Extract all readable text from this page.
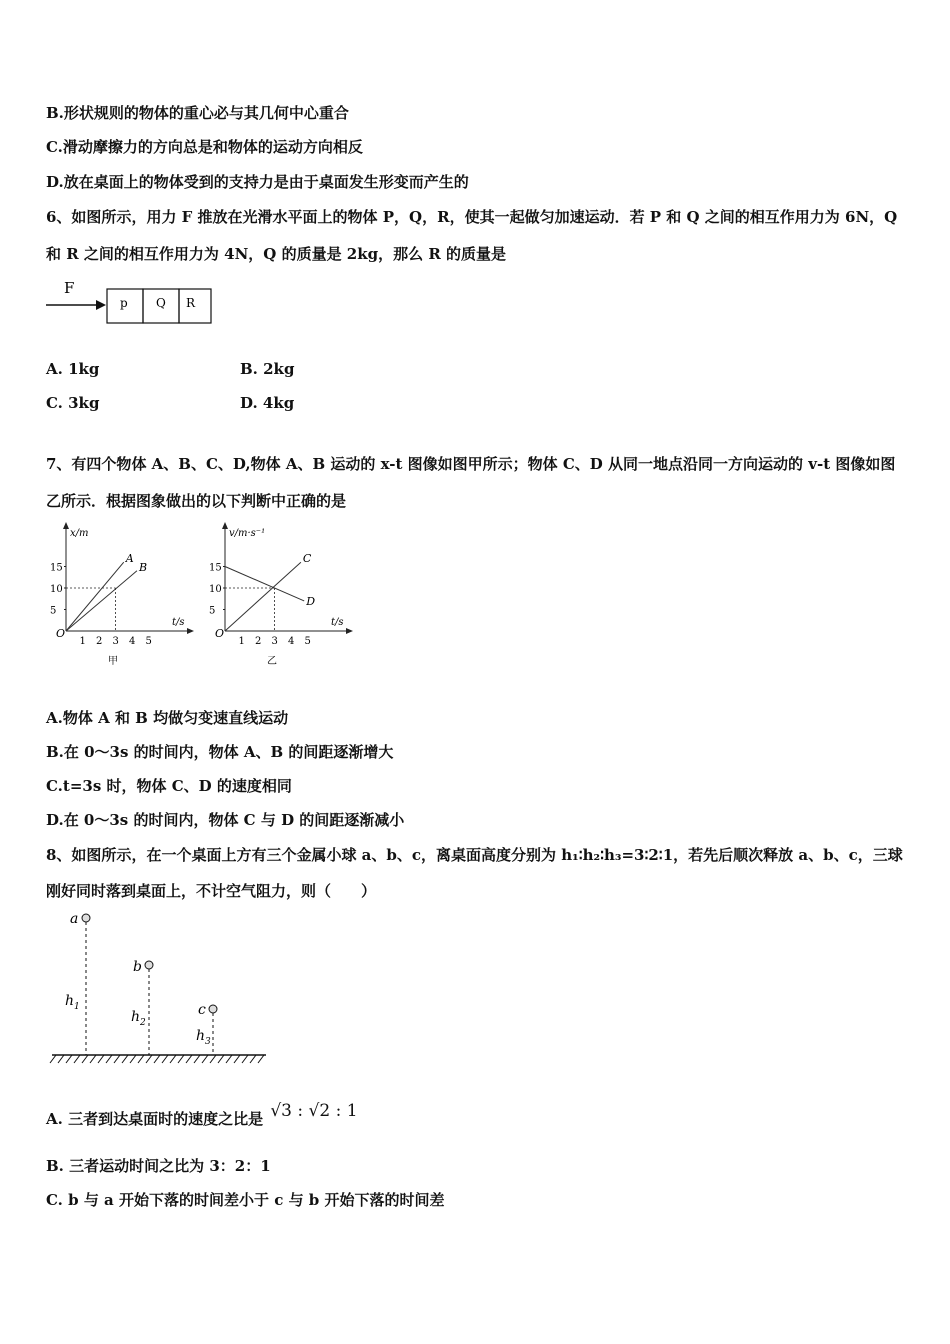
B.形状规则的物体的重心必与其几何中心重合
C.滑动摩擦力的方向总是和物体的运动方向相反
D.放在桌面上的物体受到的支持力是由于桌面发生形变而产生的
6、如图所示，用力 F 推放在光滑水平面上的物体 P，Q，R，使其一起做匀加速运动．若 P 和 Q 之间的相互作用力为 6N，Q
和 R 之间的相互作用力为 4N，Q 的质量是 2kg，那么 R 的质量是
F
p Q R
A. 1kg	B. 2kg
C. 3kg	D. 4kg
7、有四个物体 A、B、C、D,物体 A、B 运动的 x-t 图像如图甲所示；物体 C、D 从同一地点沿同一方向运动的 v-t 图像如图
乙所示．根据图象做出的以下判断中正确的是
x/m
t/s
O
1 2 3 4 5
5
10
15
A
B
甲
v/m·s⁻¹
t/s
O
1 2 3 4 5
5
10
15
C
D
乙
A.物体 A 和 B 均做匀变速直线运动
B.在 0～3s 的时间内，物体 A、B 的间距逐渐增大
C.t=3s 时，物体 C、D 的速度相同
D.在 0～3s 的时间内，物体 C 与 D 的间距逐渐减小
8、如图所示，在一个桌面上方有三个金属小球 a、b、c，离桌面高度分别为 h₁∶h₂∶h₃=3∶2∶1，若先后顺次释放 a、b、c，三球
刚好同时落到桌面上，不计空气阻力，则（　　）
a
$h_1$
b
$h_2$
c
$h_3$
A. 三者到达桌面时的速度之比是 √3 : √2 : 1
B. 三者运动时间之比为 3：2：1
C. b 与 a 开始下落的时间差小于 c 与 b 开始下落的时间差
